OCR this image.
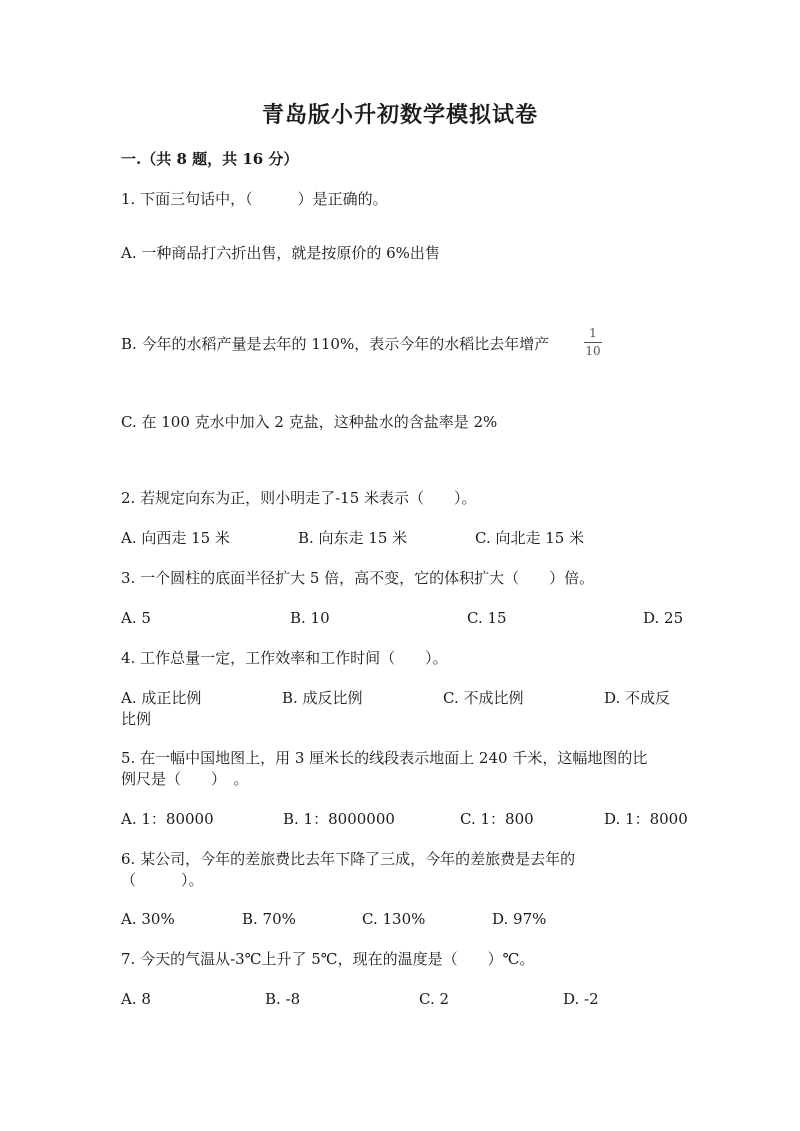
青岛版小升初数学模拟试卷
一.（共 8 题，共 16 分）
1. 下面三句话中，（　　　）是正确的。
A. 一种商品打六折出售，就是按原价的 6%出售
B. 今年的水稻产量是去年的 110%，表示今年的水稻比去年增产
1
10
C. 在 100 克水中加入 2 克盐，这种盐水的含盐率是 2%
2. 若规定向东为正，则小明走了-15 米表示（　　）。
A. 向西走 15 米	B. 向东走 15 米	C. 向北走 15 米
3. 一个圆柱的底面半径扩大 5 倍，高不变，它的体积扩大（　　）倍。
A. 5	B. 10	C. 15	D. 25
4. 工作总量一定，工作效率和工作时间（　　）。
A. 成正比例	B. 成反比例	C. 不成比例	D. 不成反
比例
5. 在一幅中国地图上，用 3 厘米长的线段表示地面上 240 千米，这幅地图的比
例尺是（　　）　。
A. 1：80000	B. 1：8000000	C. 1：800	D. 1：8000
6. 某公司，今年的差旅费比去年下降了三成，今年的差旅费是去年的
（　　　）。
A. 30%	B. 70%	C. 130%	D. 97%
7. 今天的气温从-3℃上升了 5℃，现在的温度是（　　）℃。
A. 8	B. -8	C. 2	D. -2
